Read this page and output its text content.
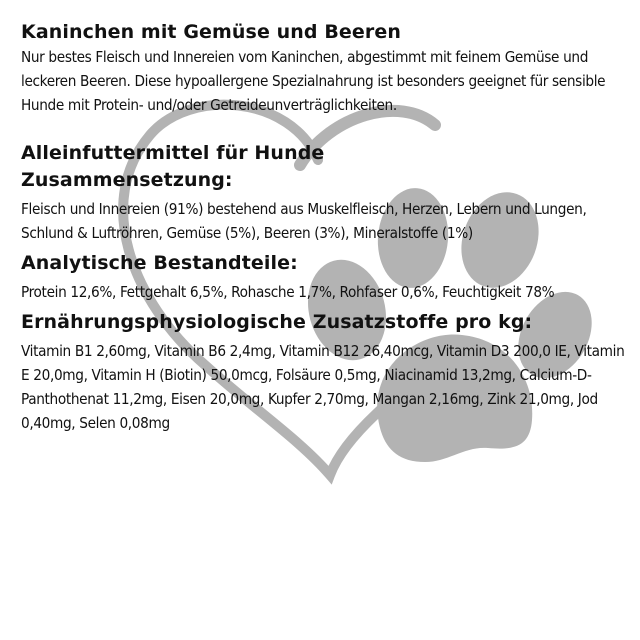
Kaninchen mit Gemüse und Beeren

Nur bestes Fleisch und Innereien vom Kaninchen, abgestimmt mit feinem Gemüse und leckeren Beeren. Diese hypoallergene Spezialnahrung ist besonders geeignet für sensible Hunde mit Protein- und/oder Getreideunverträglichkeiten.

Alleinfuttermittel für Hunde
Zusammensetzung:

Fleisch und Innereien (91%) bestehend aus Muskelfleisch, Herzen, Lebern und Lungen, Schlund & Luftröhren, Gemüse (5%), Beeren (3%), Mineralstoffe (1%)

Analytische Bestandteile:

Protein 12,6%, Fettgehalt 6,5%, Rohasche 1,7%, Rohfaser 0,6%, Feuchtigkeit 78%

Ernährungsphysiologische Zusatzstoffe pro kg:

Vitamin B1 2,60mg, Vitamin B6 2,4mg, Vitamin B12 26,40mcg, Vitamin D3 200,0 IE, Vitamin E 20,0mg, Vitamin H (Biotin) 50,0mcg, Folsäure 0,5mg, Niacinamid 13,2mg, Calcium-D-Panthothenat 11,2mg, Eisen 20,0mg, Kupfer 2,70mg, Mangan 2,16mg, Zink 21,0mg, Jod 0,40mg, Selen 0,08mg
